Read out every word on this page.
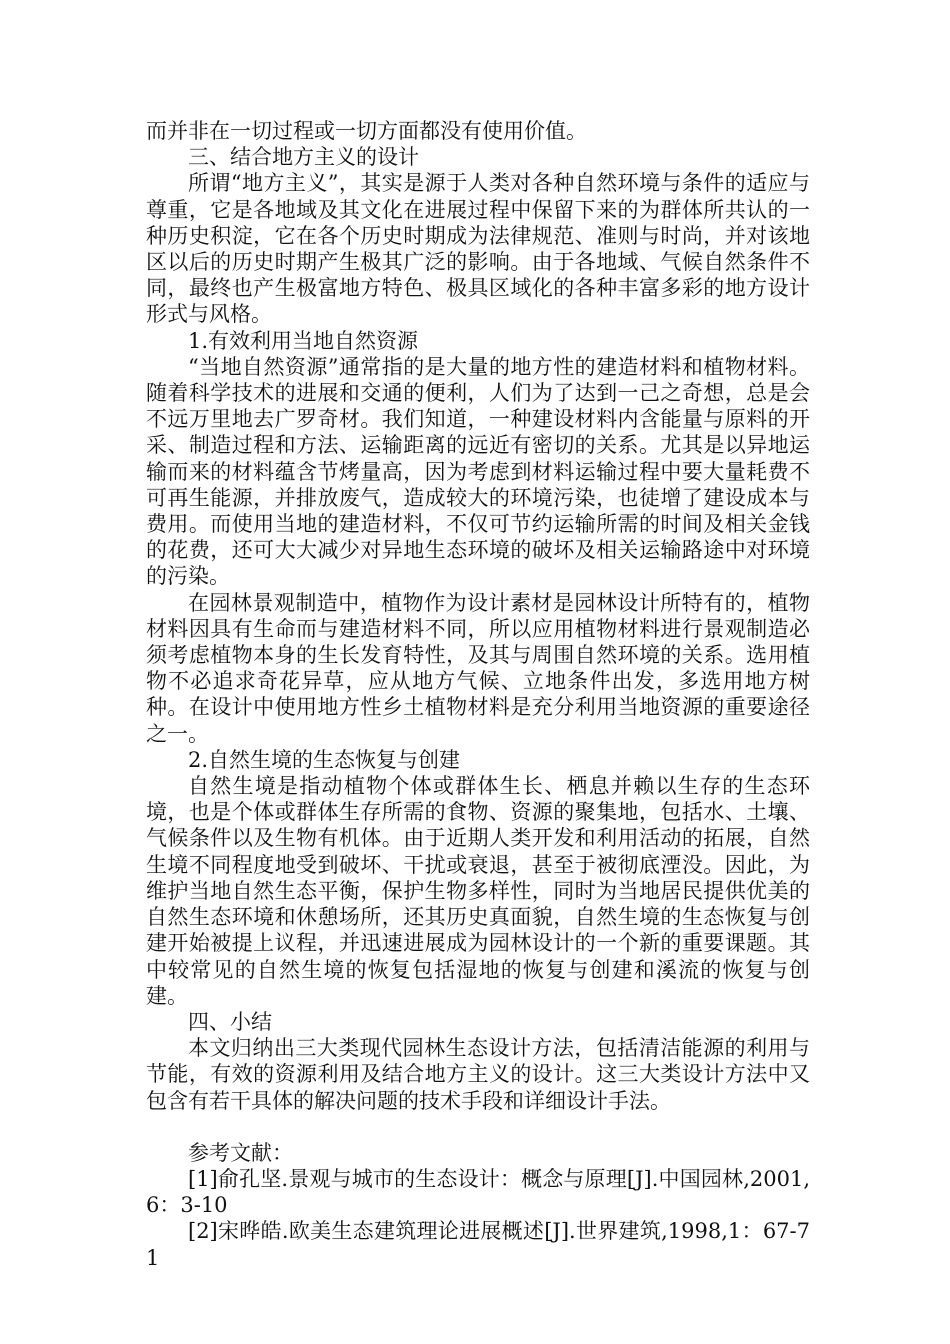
而并非在一切过程或一切方面都没有使用价值。

三、结合地方主义的设计

所谓“地方主义”，其实是源于人类对各种自然环境与条件的适应与尊重，它是各地域及其文化在进展过程中保留下来的为群体所共认的一种历史积淀，它在各个历史时期成为法律规范、准则与时尚，并对该地区以后的历史时期产生极其广泛的影响。由于各地域、气候自然条件不同，最终也产生极富地方特色、极具区域化的各种丰富多彩的地方设计形式与风格。

1.有效利用当地自然资源

“当地自然资源”通常指的是大量的地方性的建造材料和植物材料。随着科学技术的进展和交通的便利，人们为了达到一己之奇想，总是会不远万里地去广罗奇材。我们知道，一种建设材料内含能量与原料的开采、制造过程和方法、运输距离的远近有密切的关系。尤其是以异地运输而来的材料蕴含节烤量高，因为考虑到材料运输过程中要大量耗费不可再生能源，并排放废气，造成较大的环境污染，也徒增了建设成本与费用。而使用当地的建造材料，不仅可节约运输所需的时间及相关金钱的花费，还可大大减少对异地生态环境的破坏及相关运输路途中对环境的污染。

在园林景观制造中，植物作为设计素材是园林设计所特有的，植物材料因具有生命而与建造材料不同，所以应用植物材料进行景观制造必须考虑植物本身的生长发育特性，及其与周围自然环境的关系。选用植物不必追求奇花异草，应从地方气候、立地条件出发，多选用地方树种。在设计中使用地方性乡土植物材料是充分利用当地资源的重要途径之一。

2.自然生境的生态恢复与创建

自然生境是指动植物个体或群体生长、栖息并赖以生存的生态环境，也是个体或群体生存所需的食物、资源的聚集地，包括水、土壤、气候条件以及生物有机体。由于近期人类开发和利用活动的拓展，自然生境不同程度地受到破坏、干扰或衰退，甚至于被彻底湮没。因此，为维护当地自然生态平衡，保护生物多样性，同时为当地居民提供优美的自然生态环境和休憩场所，还其历史真面貌，自然生境的生态恢复与创建开始被提上议程，并迅速进展成为园林设计的一个新的重要课题。其中较常见的自然生境的恢复包括湿地的恢复与创建和溪流的恢复与创建。

四、小结

本文归纳出三大类现代园林生态设计方法，包括清洁能源的利用与节能，有效的资源利用及结合地方主义的设计。这三大类设计方法中又包含有若干具体的解决问题的技术手段和详细设计手法。

参考文献：

[1]俞孔坚.景观与城市的生态设计：概念与原理[J].中国园林,2001,6：3-10

[2]宋晔皓.欧美生态建筑理论进展概述[J].世界建筑,1998,1：67-71
